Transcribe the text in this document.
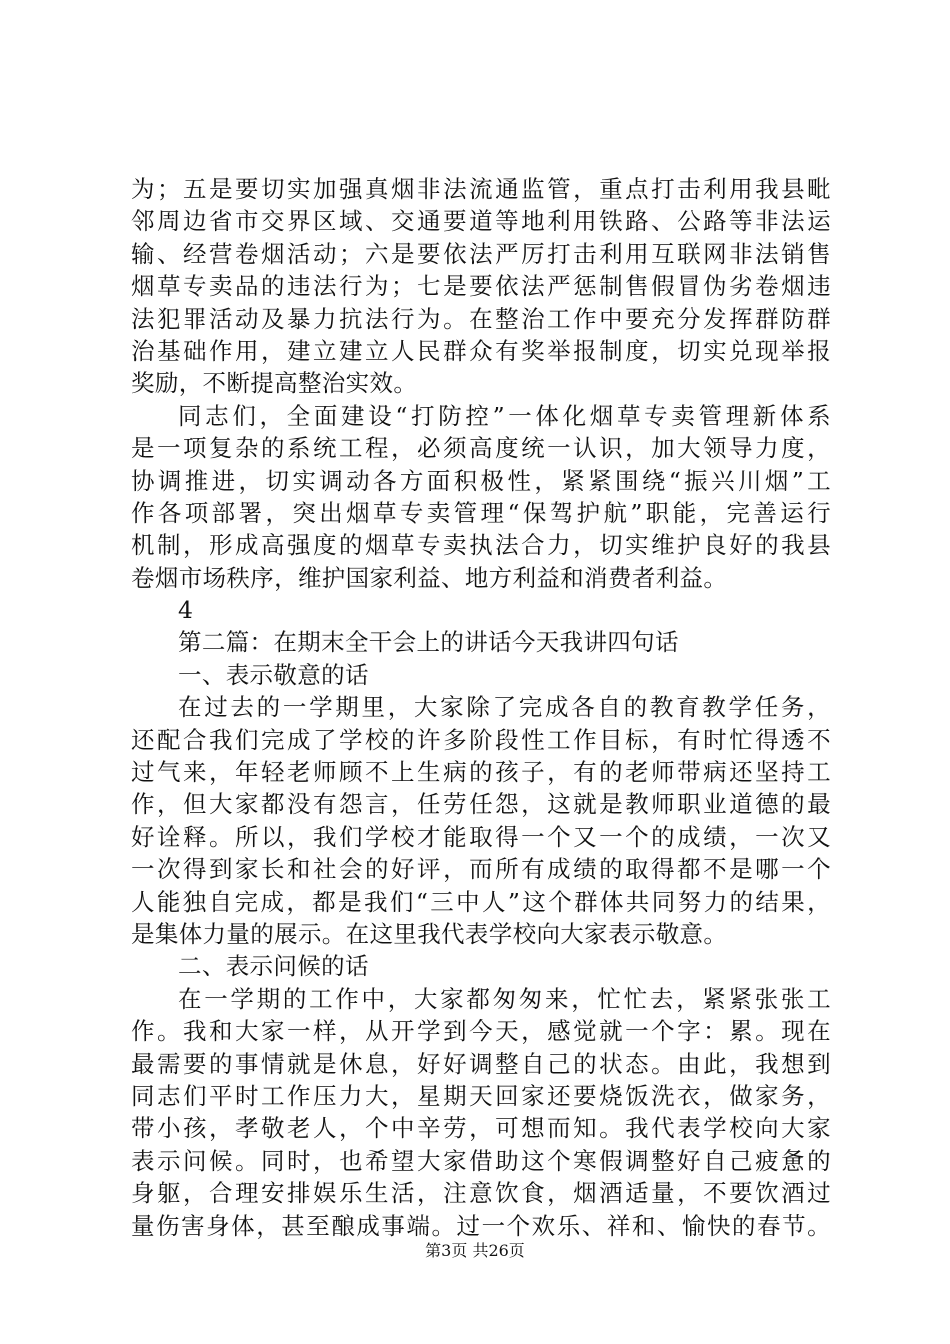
为；五是要切实加强真烟非法流通监管，重点打击利用我县毗
邻周边省市交界区域、交通要道等地利用铁路、公路等非法运
输、经营卷烟活动；六是要依法严厉打击利用互联网非法销售
烟草专卖品的违法行为；七是要依法严惩制售假冒伪劣卷烟违
法犯罪活动及暴力抗法行为。在整治工作中要充分发挥群防群
治基础作用，建立建立人民群众有奖举报制度，切实兑现举报
奖励，不断提高整治实效。
同志们，全面建设“打防控”一体化烟草专卖管理新体系
是一项复杂的系统工程，必须高度统一认识，加大领导力度，
协调推进，切实调动各方面积极性，紧紧围绕“振兴川烟”工
作各项部署，突出烟草专卖管理“保驾护航”职能，完善运行
机制，形成高强度的烟草专卖执法合力，切实维护良好的我县
卷烟市场秩序，维护国家利益、地方利益和消费者利益。
4
第二篇：在期末全干会上的讲话今天我讲四句话
一、表示敬意的话
在过去的一学期里，大家除了完成各自的教育教学任务，
还配合我们完成了学校的许多阶段性工作目标，有时忙得透不
过气来，年轻老师顾不上生病的孩子，有的老师带病还坚持工
作，但大家都没有怨言，任劳任怨，这就是教师职业道德的最
好诠释。所以，我们学校才能取得一个又一个的成绩，一次又
一次得到家长和社会的好评，而所有成绩的取得都不是哪一个
人能独自完成，都是我们“三中人”这个群体共同努力的结果，
是集体力量的展示。在这里我代表学校向大家表示敬意。
二、表示问候的话
在一学期的工作中，大家都匆匆来，忙忙去，紧紧张张工
作。我和大家一样，从开学到今天，感觉就一个字：累。现在
最需要的事情就是休息，好好调整自己的状态。由此，我想到
同志们平时工作压力大，星期天回家还要烧饭洗衣，做家务，
带小孩，孝敬老人，个中辛劳，可想而知。我代表学校向大家
表示问候。同时，也希望大家借助这个寒假调整好自己疲惫的
身躯，合理安排娱乐生活，注意饮食，烟酒适量，不要饮酒过
量伤害身体，甚至酿成事端。过一个欢乐、祥和、愉快的春节。
第3页 共26页
